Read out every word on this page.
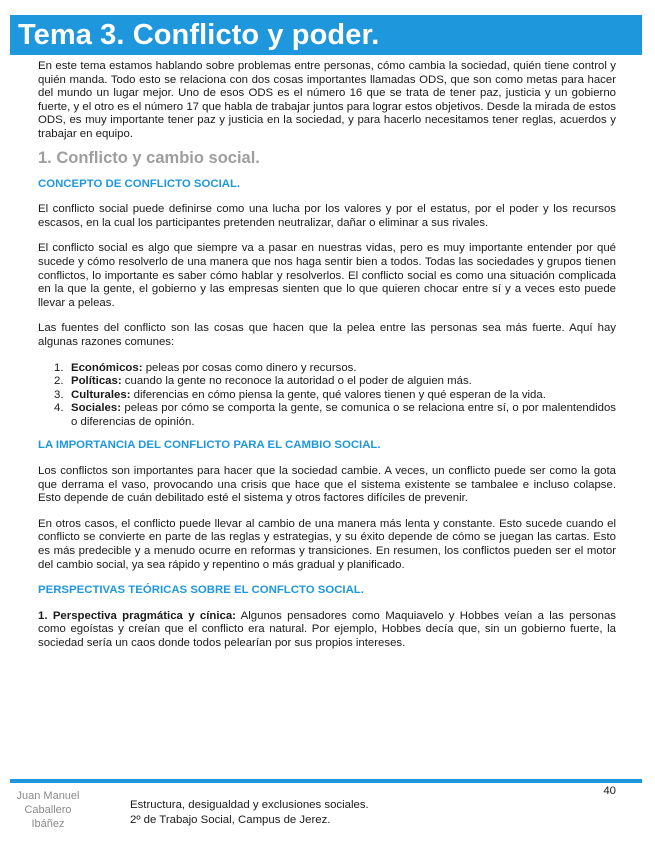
Tema 3. Conflicto y poder.

En este tema estamos hablando sobre problemas entre personas, cómo cambia la sociedad, quién tiene control y quién manda. Todo esto se relaciona con dos cosas importantes llamadas ODS, que son como metas para hacer del mundo un lugar mejor. Uno de esos ODS es el número 16 que se trata de tener paz, justicia y un gobierno fuerte, y el otro es el número 17 que habla de trabajar juntos para lograr estos objetivos. Desde la mirada de estos ODS, es muy importante tener paz y justicia en la sociedad, y para hacerlo necesitamos tener reglas, acuerdos y trabajar en equipo.

1. Conflicto y cambio social.
CONCEPTO DE CONFLICTO SOCIAL.

El conflicto social puede definirse como una lucha por los valores y por el estatus, por el poder y los recursos escasos, en la cual los participantes pretenden neutralizar, dañar o eliminar a sus rivales.

El conflicto social es algo que siempre va a pasar en nuestras vidas, pero es muy importante entender por qué sucede y cómo resolverlo de una manera que nos haga sentir bien a todos. Todas las sociedades y grupos tienen conflictos, lo importante es saber cómo hablar y resolverlos. El conflicto social es como una situación complicada en la que la gente, el gobierno y las empresas sienten que lo que quieren chocar entre sí y a veces esto puede llevar a peleas.

Las fuentes del conflicto son las cosas que hacen que la pelea entre las personas sea más fuerte. Aquí hay algunas razones comunes:

1. Económicos: peleas por cosas como dinero y recursos.
2. Políticas: cuando la gente no reconoce la autoridad o el poder de alguien más.
3. Culturales: diferencias en cómo piensa la gente, qué valores tienen y qué esperan de la vida.
4. Sociales: peleas por cómo se comporta la gente, se comunica o se relaciona entre sí, o por malentendidos o diferencias de opinión.
LA IMPORTANCIA DEL CONFLICTO PARA EL CAMBIO SOCIAL.

Los conflictos son importantes para hacer que la sociedad cambie. A veces, un conflicto puede ser como la gota que derrama el vaso, provocando una crisis que hace que el sistema existente se tambalee e incluso colapse. Esto depende de cuán debilitado esté el sistema y otros factores difíciles de prevenir.

En otros casos, el conflicto puede llevar al cambio de una manera más lenta y constante. Esto sucede cuando el conflicto se convierte en parte de las reglas y estrategias, y su éxito depende de cómo se juegan las cartas. Esto es más predecible y a menudo ocurre en reformas y transiciones. En resumen, los conflictos pueden ser el motor del cambio social, ya sea rápido y repentino o más gradual y planificado.

PERSPECTIVAS TEÓRICAS SOBRE EL CONFLCTO SOCIAL.

1. Perspectiva pragmática y cínica: Algunos pensadores como Maquiavelo y Hobbes veían a las personas como egoístas y creían que el conflicto era natural. Por ejemplo, Hobbes decía que, sin un gobierno fuerte, la sociedad sería un caos donde todos pelearían por sus propios intereses.

40
Juan Manuel
Caballero
Ibáñez
Estructura, desigualdad y exclusiones sociales.
2º de Trabajo Social, Campus de Jerez.
